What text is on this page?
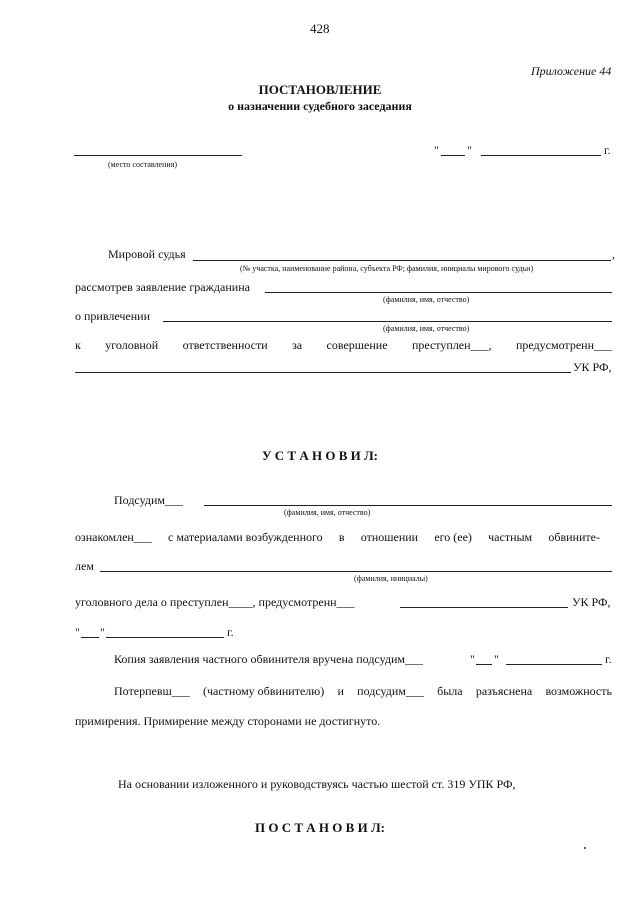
428
Приложение 44
ПОСТАНОВЛЕНИЕ
о назначении судебного заседания
(место составления)
" "	г.
Мировой судья	,
(№ участка, наименование района, субъекта РФ; фамилия, инициалы мирового судьи)
рассмотрев заявление гражданина
(фамилия, имя, отчество)
о привлечении
(фамилия, имя, отчество)
к уголовной ответственности за совершение преступлен___, предусмотренн___
УК РФ,
У С Т А Н О В И Л:
Подсудим___
(фамилия, имя, отчество)
ознакомлен___ с материалами возбужденного в отношении его (ее) частным обвините-
лем
(фамилия, инициалы)
уголовного дела о преступлен____, предусмотренн___	УК РФ,
" "	г.
Копия заявления частного обвинителя вручена подсудим___	" "	г.
Потерпевш___ (частному обвинителю) и подсудим___ была разъяснена возможность
примирения. Примирение между сторонами не достигнуто.
На основании изложенного и руководствуясь частью шестой ст. 319 УПК РФ,
П О С Т А Н О В И Л:
